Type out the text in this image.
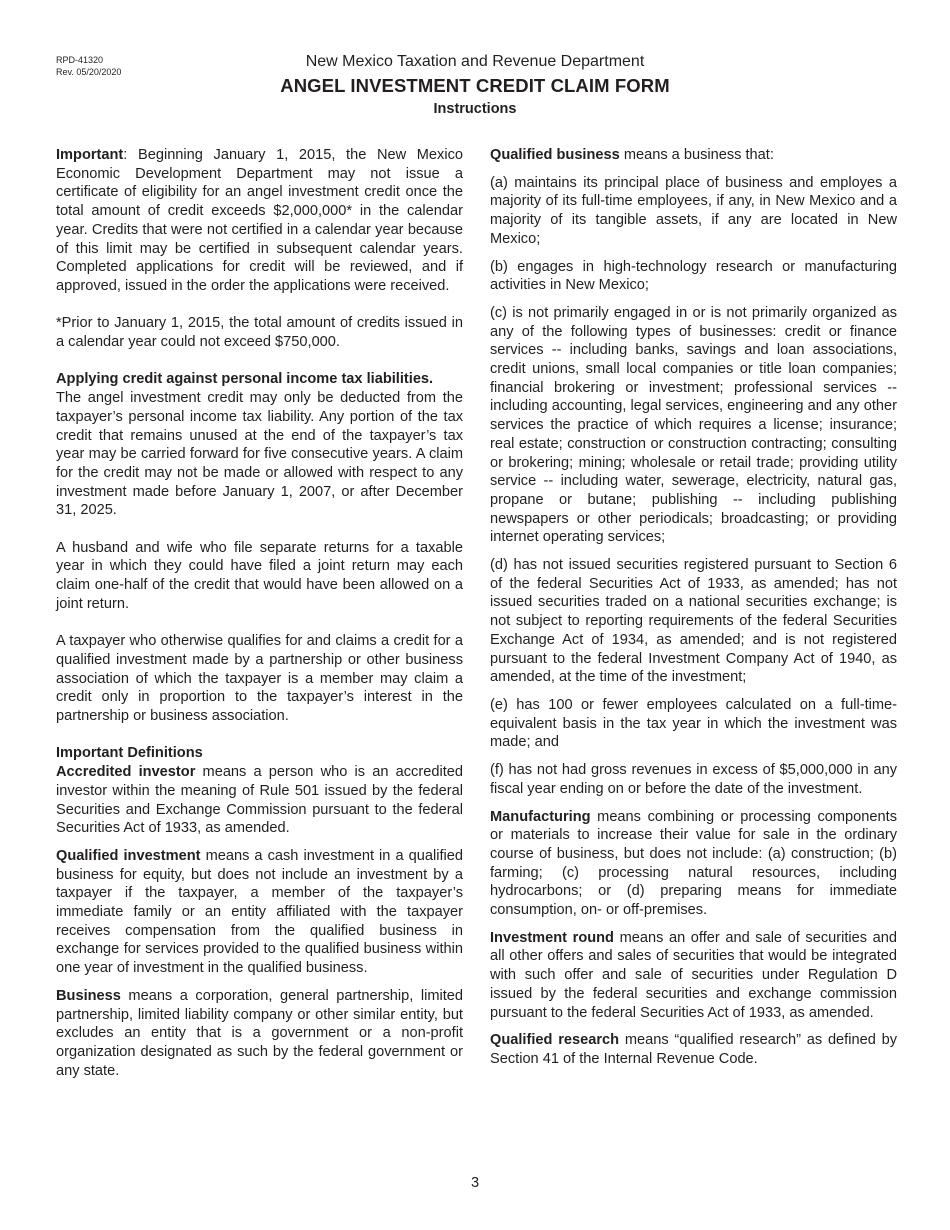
RPD-41320
Rev. 05/20/2020
New Mexico Taxation and Revenue Department
ANGEL INVESTMENT CREDIT CLAIM FORM
Instructions

Important: Beginning January 1, 2015, the New Mexico Economic Development Department may not issue a certificate of eligibility for an angel investment credit once the total amount of credit exceeds $2,000,000* in the calendar year. Credits that were not certified in a calendar year because of this limit may be certified in subsequent calendar years. Completed applications for credit will be reviewed, and if approved, issued in the order the applications were received.

*Prior to January 1, 2015, the total amount of credits issued in a calendar year could not exceed $750,000.

Applying credit against personal income tax liabilities.

The angel investment credit may only be deducted from the taxpayer’s personal income tax liability. Any portion of the tax credit that remains unused at the end of the taxpayer’s tax year may be carried forward for five consecutive years. A claim for the credit may not be made or allowed with respect to any investment made before January 1, 2007, or after December 31, 2025.

A husband and wife who file separate returns for a taxable year in which they could have filed a joint return may each claim one-half of the credit that would have been allowed on a joint return.

A taxpayer who otherwise qualifies for and claims a credit for a qualified investment made by a partnership or other business association of which the taxpayer is a member may claim a credit only in proportion to the taxpayer’s interest in the partnership or business association.

Important Definitions

Accredited investor means a person who is an accredited investor within the meaning of Rule 501 issued by the federal Securities and Exchange Commission pursuant to the federal Securities Act of 1933, as amended.

Qualified investment means a cash investment in a qualified business for equity, but does not include an investment by a taxpayer if the taxpayer, a member of the taxpayer’s immediate family or an entity affiliated with the taxpayer receives compensation from the qualified business in exchange for services provided to the qualified business within one year of investment in the qualified business.

Business means a corporation, general partnership, limited partnership, limited liability company or other similar entity, but excludes an entity that is a government or a non-profit organization designated as such by the federal government or any state.

Qualified business means a business that:

(a) maintains its principal place of business and employes a majority of its full-time employees, if any, in New Mexico and a majority of its tangible assets, if any are located in New Mexico;

(b) engages in high-technology research or manufacturing activities in New Mexico;

(c) is not primarily engaged in or is not primarily organized as any of the following types of businesses: credit or finance services -- including banks, savings and loan associations, credit unions, small local companies or title loan companies; financial brokering or investment; professional services -- including accounting, legal services, engineering and any other services the practice of which requires a license; insurance; real estate; construction or construction contracting; consulting or brokering; mining; wholesale or retail trade; providing utility service -- including water, sewerage, electricity, natural gas, propane or butane; publishing -- including publishing newspapers or other periodicals; broadcasting; or providing internet operating services;

(d) has not issued securities registered pursuant to Section 6 of the federal Securities Act of 1933, as amended; has not issued securities traded on a national securities exchange; is not subject to reporting requirements of the federal Securities Exchange Act of 1934, as amended; and is not registered pursuant to the federal Investment Company Act of 1940, as amended, at the time of the investment;

(e) has 100 or fewer employees calculated on a full-time-equivalent basis in the tax year in which the investment was made; and

(f) has not had gross revenues in excess of $5,000,000 in any fiscal year ending on or before the date of the investment.

Manufacturing means combining or processing components or materials to increase their value for sale in the ordinary course of business, but does not include: (a) construction; (b) farming; (c) processing natural resources, including hydrocarbons; or (d) preparing means for immediate consumption, on- or off-premises.

Investment round means an offer and sale of securities and all other offers and sales of securities that would be integrated with such offer and sale of securities under Regulation D issued by the federal securities and exchange commission pursuant to the federal Securities Act of 1933, as amended.

Qualified research means “qualified research” as defined by Section 41 of the Internal Revenue Code.

3
